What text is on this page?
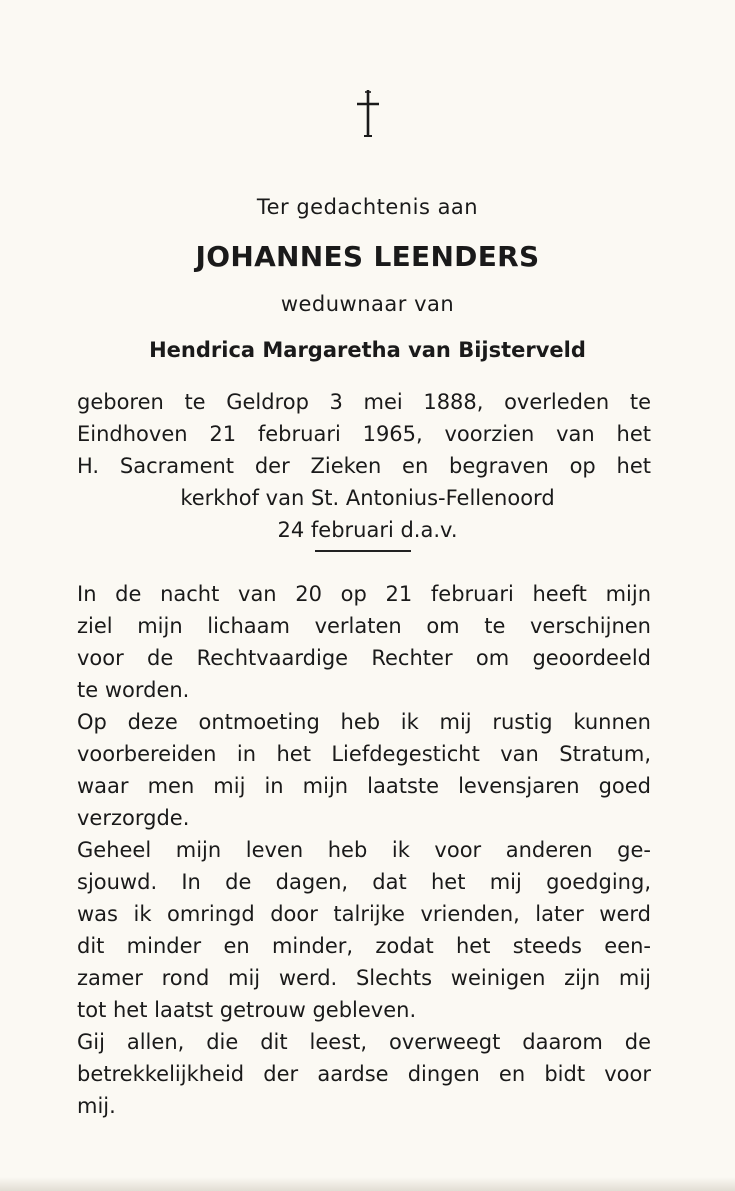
Ter gedachtenis aan
JOHANNES LEENDERS
weduwnaar van
Hendrica Margaretha van Bijsterveld
geboren te Geldrop 3 mei 1888, overleden te
Eindhoven 21 februari 1965, voorzien van het
H. Sacrament der Zieken en begraven op het
kerkhof van St. Antonius-Fellenoord
24 februari d.a.v.
In de nacht van 20 op 21 februari heeft mijn
ziel mijn lichaam verlaten om te verschijnen
voor de Rechtvaardige Rechter om geoordeeld
te worden.
Op deze ontmoeting heb ik mij rustig kunnen
voorbereiden in het Liefdegesticht van Stratum,
waar men mij in mijn laatste levensjaren goed
verzorgde.
Geheel mijn leven heb ik voor anderen ge-
sjouwd. In de dagen, dat het mij goedging,
was ik omringd door talrijke vrienden, later werd
dit minder en minder, zodat het steeds een-
zamer rond mij werd. Slechts weinigen zijn mij
tot het laatst getrouw gebleven.
Gij allen, die dit leest, overweegt daarom de
betrekkelijkheid der aardse dingen en bidt voor
mij.
